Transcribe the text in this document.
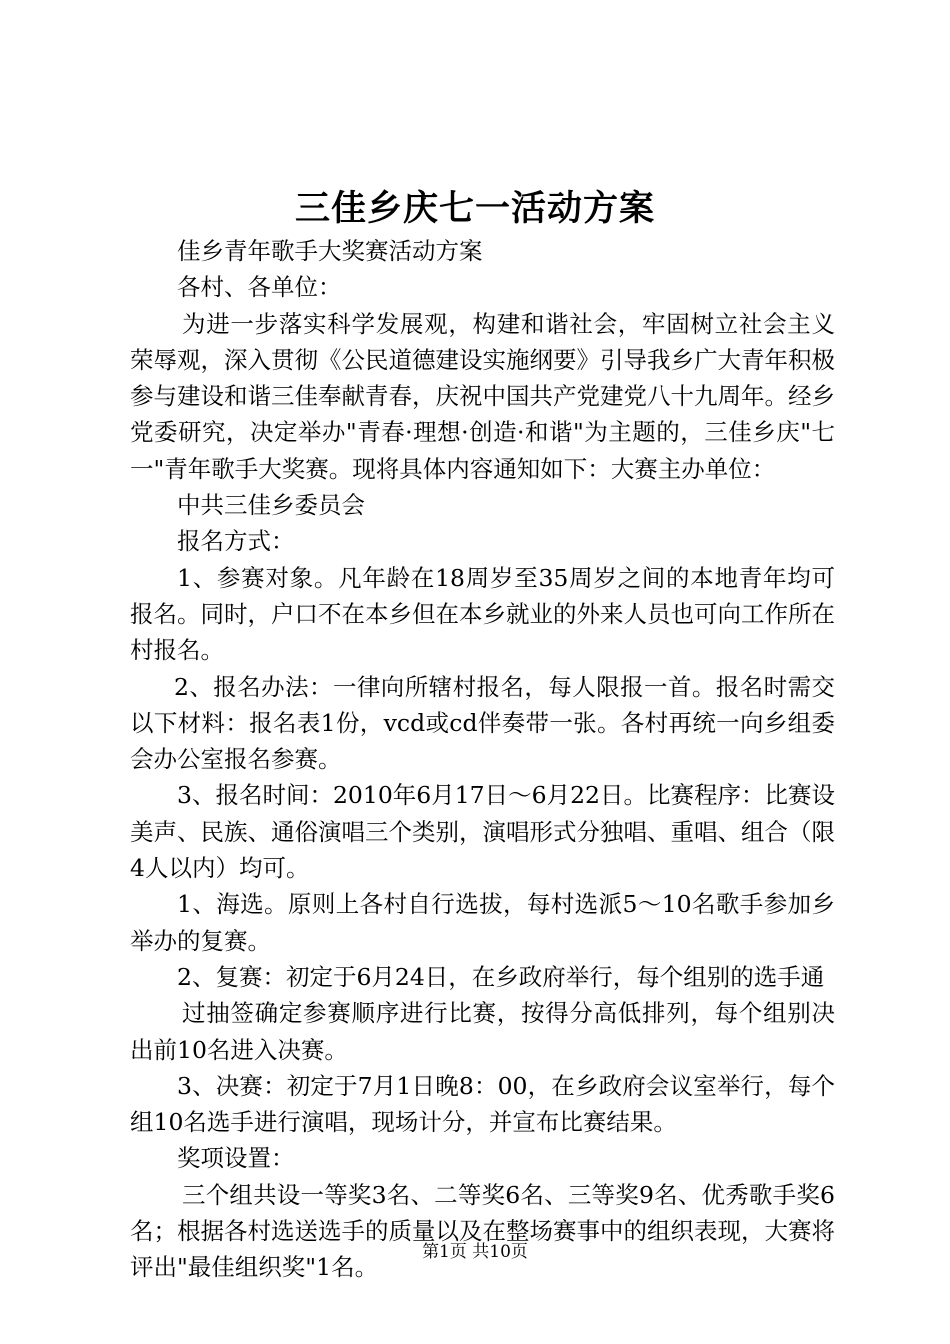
三佳乡庆七一活动方案

佳乡青年歌手大奖赛活动方案

各村、各单位：

为进一步落实科学发展观，构建和谐社会，牢固树立社会主义荣辱观，深入贯彻《公民道德建设实施纲要》引导我乡广大青年积极参与建设和谐三佳奉献青春，庆祝中国共产党建党八十九周年。经乡党委研究，决定举办"青春·理想·创造·和谐"为主题的，三佳乡庆"七一"青年歌手大奖赛。现将具体内容通知如下：大赛主办单位：

中共三佳乡委员会

报名方式：

1、参赛对象。凡年龄在18周岁至35周岁之间的本地青年均可报名。同时，户口不在本乡但在本乡就业的外来人员也可向工作所在村报名。

2、报名办法：一律向所辖村报名，每人限报一首。报名时需交以下材料：报名表1份，vcd或cd伴奏带一张。各村再统一向乡组委会办公室报名参赛。

3、报名时间：2010年6月17日～6月22日。比赛程序：比赛设美声、民族、通俗演唱三个类别，演唱形式分独唱、重唱、组合（限4人以内）均可。

1、海选。原则上各村自行选拔，每村选派5～10名歌手参加乡举办的复赛。

2、复赛：初定于6月24日，在乡政府举行，每个组别的选手通

过抽签确定参赛顺序进行比赛，按得分高低排列，每个组别决出前10名进入决赛。

3、决赛：初定于7月1日晚8：00，在乡政府会议室举行，每个组10名选手进行演唱，现场计分，并宣布比赛结果。

奖项设置：

三个组共设一等奖3名、二等奖6名、三等奖9名、优秀歌手奖6名；根据各村选送选手的质量以及在整场赛事中的组织表现，大赛将评出"最佳组织奖"1名。

第1页 共10页
